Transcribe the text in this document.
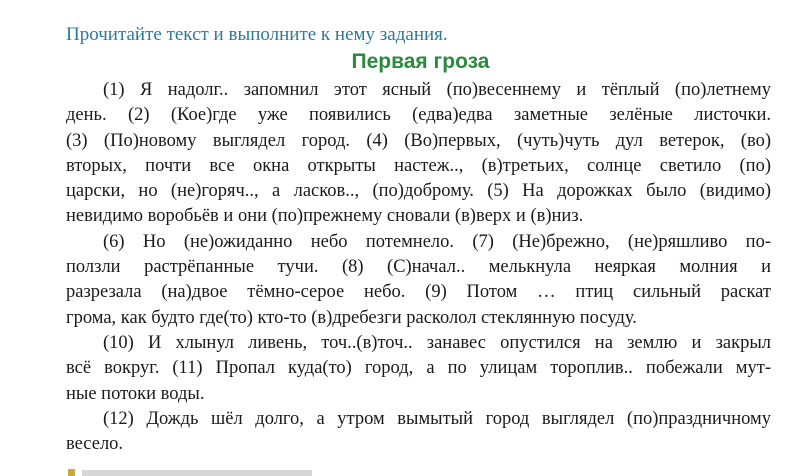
Прочитайте текст и выполните к нему задания.
Первая гроза
(1) Я надолг.. запомнил этот ясный (по)весеннему и тёплый (по)летнему
день. (2) (Кое)где уже появились (едва)едва заметные зелёные листочки.
(3) (По)новому выглядел город. (4) (Во)первых, (чуть)чуть дул ветерок, (во)
вторых, почти все окна открыты настеж.., (в)третьих, солнце светило (по)
царски, но (не)горяч.., а ласков.., (по)доброму. (5) На дорожках было (видимо)
невидимо воробьёв и они (по)прежнему сновали (в)верх и (в)низ.
(6) Но (не)ожиданно небо потемнело. (7) (Не)брежно, (не)ряшливо по-
ползли растрёпанные тучи. (8) (С)начал.. мелькнула неяркая молния и
разрезала (на)двое тёмно-серое небо. (9) Потом … птиц сильный раскат
грома, как будто где(то) кто-то (в)дребезги расколол стеклянную посуду.
(10) И хлынул ливень, точ..(в)точ.. занавес опустился на землю и закрыл
всё вокруг. (11) Пропал куда(то) город, а по улицам тороплив.. побежали мут-
ные потоки воды.
(12) Дождь шёл долго, а утром вымытый город выглядел (по)праздничному
весело.
